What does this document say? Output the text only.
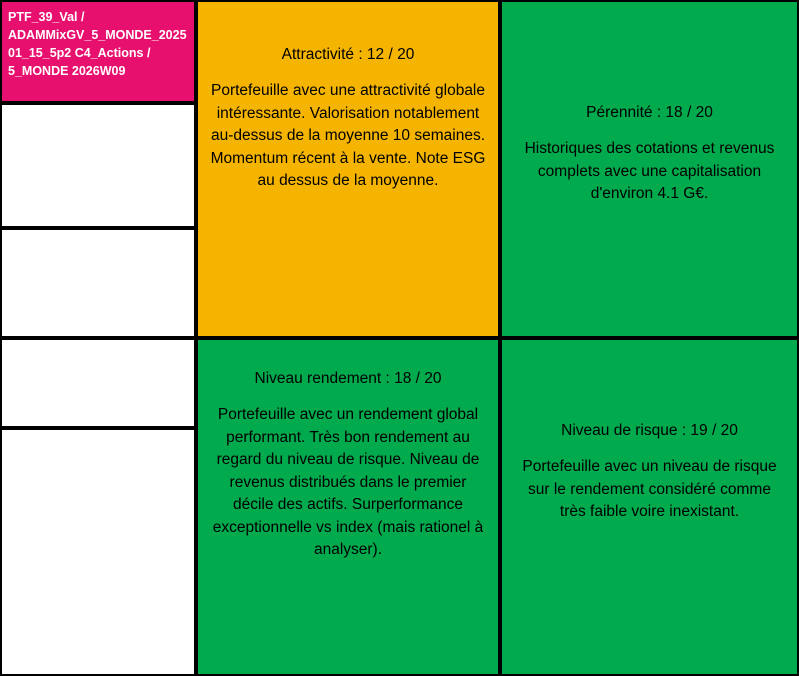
PTF_39_Val / ADAMMixGV_5_MONDE_202501_15_5p2 C4_Actions / 5_MONDE 2026W09
Attractivité : 12 / 20
Portefeuille avec une attractivité globale intéressante. Valorisation notablement au-dessus de la moyenne 10 semaines. Momentum récent à la vente. Note ESG au dessus de la moyenne.
Pérennité : 18 / 20
Historiques des cotations et revenus complets avec une capitalisation d'environ 4.1 G€.
Niveau rendement : 18 / 20
Portefeuille avec un rendement global performant. Très bon rendement au regard du niveau de risque. Niveau de revenus distribués dans le premier décile des actifs. Surperformance exceptionnelle vs index (mais rationel à analyser).
Niveau de risque : 19 / 20
Portefeuille avec un niveau de risque sur le rendement considéré comme très faible voire inexistant.
